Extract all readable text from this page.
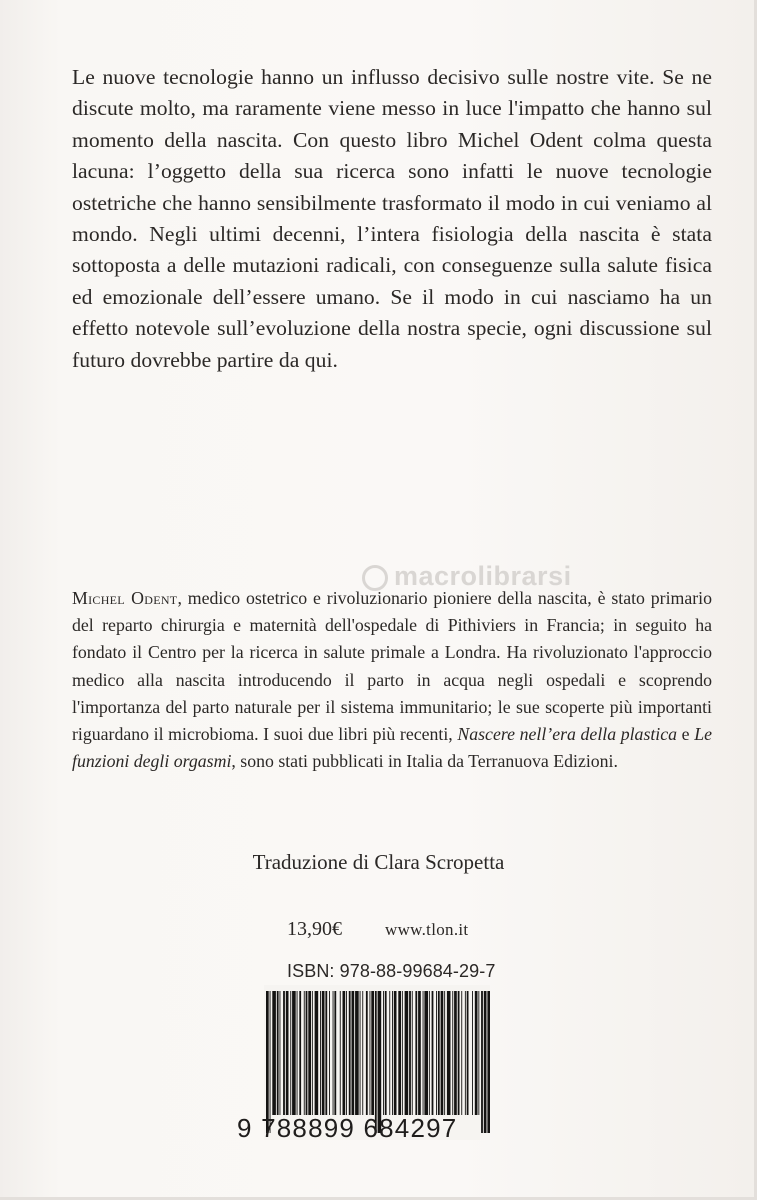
Le nuove tecnologie hanno un influsso decisivo sulle nostre vite. Se ne discute molto, ma raramente viene messo in luce l'impatto che hanno sul momento della nascita. Con questo libro Michel Odent colma questa lacuna: l’oggetto della sua ricerca sono infatti le nuove tecnologie ostetriche che hanno sensibilmente trasformato il modo in cui veniamo al mondo. Negli ultimi decenni, l’intera fisiologia della nascita è stata sottoposta a delle mutazioni radicali, con conseguenze sulla salute fisica ed emozionale dell’essere umano. Se il modo in cui nasciamo ha un effetto notevole sull’evoluzione della nostra specie, ogni discussione sul futuro dovrebbe partire da qui.

macrolibrarsi

Michel Odent, medico ostetrico e rivoluzionario pioniere della nascita, è stato primario del reparto chirurgia e maternità dell'ospedale di Pithiviers in Francia; in seguito ha fondato il Centro per la ricerca in salute primale a Londra. Ha rivoluzionato l'approccio medico alla nascita introducendo il parto in acqua negli ospedali e scoprendo l'importanza del parto naturale per il sistema immunitario; le sue scoperte più importanti riguardano il microbioma. I suoi due libri più recenti, Nascere nell’era della plastica e Le funzioni degli orgasmi, sono stati pubblicati in Italia da Terranuova Edizioni.

Traduzione di Clara Scropetta
13,90€	www.tlon.it
ISBN: 978-88-99684-29-7
9 788899 684297
